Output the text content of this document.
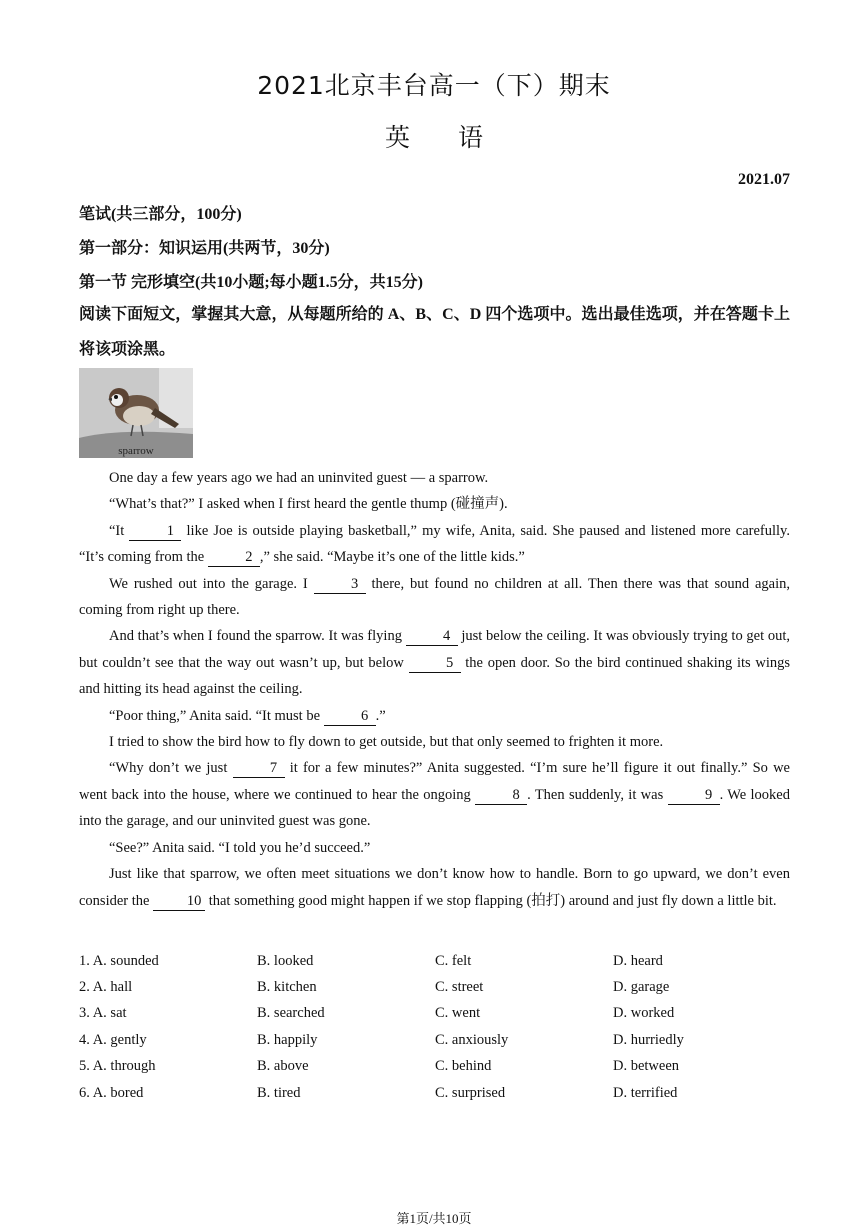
2021北京丰台高一（下）期末
英 语
2021.07
笔试(共三部分，100分)
第一部分：知识运用(共两节，30分)
第一节 完形填空(共10小题;每小题1.5分，共15分)
阅读下面短文，掌握其大意，从每题所给的 A、B、C、D 四个选项中。选出最佳选项，并在答题卡上将该项涂黑。
sparrow

One day a few years ago we had an uninvited guest — a sparrow.

“What’s that?” I asked when I first heard the gentle thump (碰撞声).

“It	1 like Joe is outside playing basketball,” my wife, Anita, said. She paused and listened more carefully. “It’s coming from the	2 ,” she said. “Maybe it’s one of the little kids.”

We rushed out into the garage. I	3 there, but found no children at all. Then there was that sound again, coming from right up there.

And that’s when I found the sparrow. It was flying	4 just below the ceiling. It was obviously trying to get out, but couldn’t see that the way out wasn’t up, but below	5 the open door. So the bird continued shaking its wings and hitting its head against the ceiling.

“Poor thing,” Anita said. “It must be	6 .”

I tried to show the bird how to fly down to get outside, but that only seemed to frighten it more.

“Why don’t we just	7 it for a few minutes?” Anita suggested. “I’m sure he’ll figure it out finally.” So we went back into the house, where we continued to hear the ongoing	8 . Then suddenly, it was	9 . We looked into the garage, and our uninvited guest was gone.

“See?” Anita said. “I told you he’d succeed.”

Just like that sparrow, we often meet situations we don’t know how to handle. Born to go upward, we don’t even consider the 10 that something good might happen if we stop flapping (拍打) around and just fly down a little bit.

1. A. sounded	B. looked	C. felt	D. heard
2. A. hall	B. kitchen	C. street	D. garage
3. A. sat	B. searched	C. went	D. worked
4. A. gently	B. happily	C. anxiously	D. hurriedly
5. A. through	B. above	C. behind	D. between
6. A. bored	B. tired	C. surprised	D. terrified
第1页/共10页
